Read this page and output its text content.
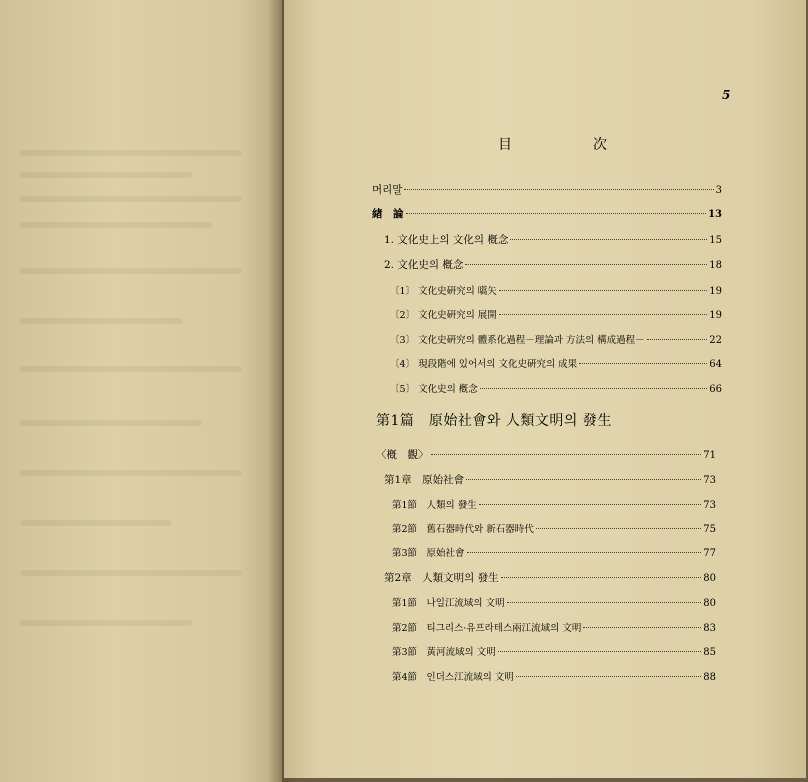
5
目	次
머리말	3
緖　論	13
1. 文化史上의 文化의 槪念	15
2. 文化史의 槪念	18
〔1〕 文化史硏究의 嚆矢	19
〔2〕 文化史硏究의 展開	19
〔3〕 文化史硏究의 體系化過程－理論과 方法의 構成過程－	22
〔4〕 現段階에 있어서의 文化史硏究의 成果	64
〔5〕 文化史의 槪念	66
第1篇　原始社會와 人類文明의 發生
〈槪　觀〉	71
第1章　原始社會	73
第1節　人類의 發生	73
第2節　舊石器時代와 新石器時代	75
第3節　原始社會	77
第2章　人類文明의 發生	80
第1節　나일江流域의 文明	80
第2節　티그리스·유프라테스兩江流域의 文明	83
第3節　黃河流域의 文明	85
第4節　인더스江流域의 文明	88
